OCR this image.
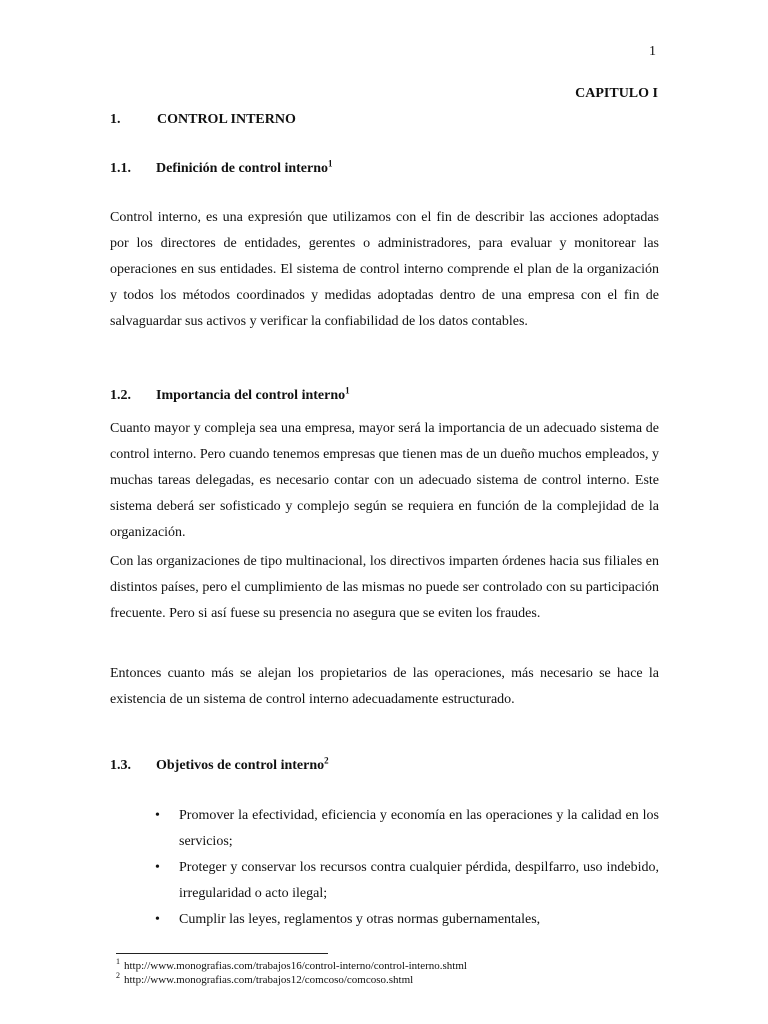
1
CAPITULO I
1.	CONTROL INTERNO
1.1. Definición de control interno$^1$

Control interno, es una expresión que utilizamos con el fin de describir las acciones adoptadas por los directores de entidades, gerentes o administradores, para evaluar y monitorear las operaciones en sus entidades. El sistema de control interno comprende el plan de la organización y todos los métodos coordinados y medidas adoptadas dentro de una empresa con el fin de salvaguardar sus activos y verificar la confiabilidad de los datos contables.

1.2. Importancia del control interno$^1$

Cuanto mayor y compleja sea una empresa, mayor será la importancia de un adecuado sistema de control interno. Pero cuando tenemos empresas que tienen mas de un dueño muchos empleados, y muchas tareas delegadas, es necesario contar con un adecuado sistema de control interno. Este sistema deberá ser sofisticado y complejo según se requiera en función de la complejidad de la organización.

Con las organizaciones de tipo multinacional, los directivos imparten órdenes hacia sus filiales en distintos países, pero el cumplimiento de las mismas no puede ser controlado con su participación frecuente. Pero si así fuese su presencia no asegura que se eviten los fraudes.

Entonces cuanto más se alejan los propietarios de las operaciones, más necesario se hace la existencia de un sistema de control interno adecuadamente estructurado.

1.3. Objetivos de control interno$^2$
• Promover la efectividad, eficiencia y economía en las operaciones y la calidad en los servicios;
• Proteger y conservar los recursos contra cualquier pérdida, despilfarro, uso indebido, irregularidad o acto ilegal;
• Cumplir las leyes, reglamentos y otras normas gubernamentales,
$^1$ http://www.monografias.com/trabajos16/control-interno/control-interno.shtml
$^2$ http://www.monografias.com/trabajos12/comcoso/comcoso.shtml
